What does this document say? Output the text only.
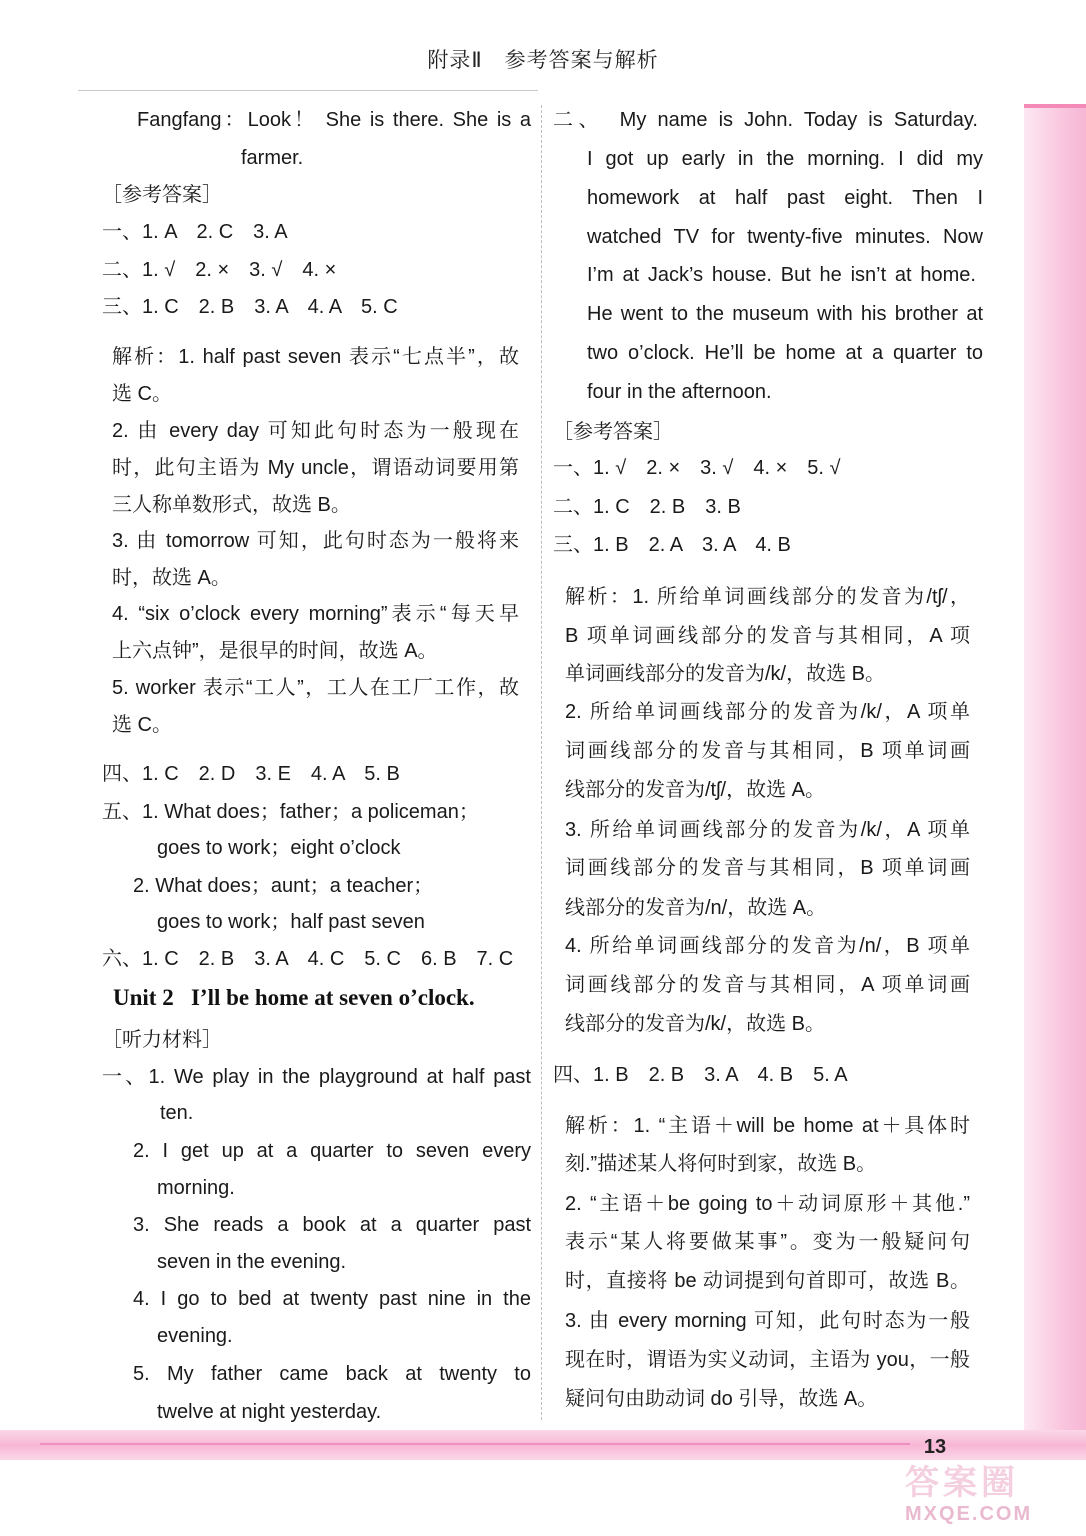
附录Ⅱ　参考答案与解析
Fangfang：Look！ She is there. She is a
farmer.
［参考答案］
一、1. A　2. C　3. A
二、1. √　2. ×　3. √　4. ×
三、1. C　2. B　3. A　4. A　5. C
解析：1. half past seven 表示“七点半”，故
选 C。
2. 由 every day 可知此句时态为一般现在
时，此句主语为 My uncle，谓语动词要用第
三人称单数形式，故选 B。
3. 由 tomorrow 可知，此句时态为一般将来
时，故选 A。
4. “six o’clock every morning”表示“每天早
上六点钟”，是很早的时间，故选 A。
5. worker 表示“工人”，工人在工厂工作，故
选 C。
四、1. C　2. D　3. E　4. A　5. B
五、1. What does；father；a policeman；
goes to work；eight o’clock
2. What does；aunt；a teacher；
goes to work；half past seven
六、1. C　2. B　3. A　4. C　5. C　6. B　7. C
Unit 2 I’ll be home at seven o’clock.
［听力材料］
一、1. We play in the playground at half past
ten.
2. I get up at a quarter to seven every
morning.
3. She reads a book at a quarter past
seven in the evening.
4. I go to bed at twenty past nine in the
evening.
5. My father came back at twenty to
twelve at night yesterday.
二、　My name is John. Today is Saturday.
I got up early in the morning. I did my
homework at half past eight. Then I
watched TV for twenty-five minutes. Now
I’m at Jack’s house. But he isn’t at home.
He went to the museum with his brother at
two o’clock. He’ll be home at a quarter to
four in the afternoon.
［参考答案］
一、1. √　2. ×　3. √　4. ×　5. √
二、1. C　2. B　3. B
三、1. B　2. A　3. A　4. B
解析：1. 所给单词画线部分的发音为/tʃ/，
B 项单词画线部分的发音与其相同，A 项
单词画线部分的发音为/k/，故选 B。
2. 所给单词画线部分的发音为/k/，A 项单
词画线部分的发音与其相同，B 项单词画
线部分的发音为/tʃ/，故选 A。
3. 所给单词画线部分的发音为/k/，A 项单
词画线部分的发音与其相同，B 项单词画
线部分的发音为/n/，故选 A。
4. 所给单词画线部分的发音为/n/，B 项单
词画线部分的发音与其相同，A 项单词画
线部分的发音为/k/，故选 B。
四、1. B　2. B　3. A　4. B　5. A
解析：1. “主语＋will be home at＋具体时
刻.”描述某人将何时到家，故选 B。
2. “主语＋be going to＋动词原形＋其他.”
表示“某人将要做某事”。变为一般疑问句
时，直接将 be 动词提到句首即可，故选 B。
3. 由 every morning 可知，此句时态为一般
现在时，谓语为实义动词，主语为 you，一般
疑问句由助动词 do 引导，故选 A。
13
答案圈
MXQE.COM
